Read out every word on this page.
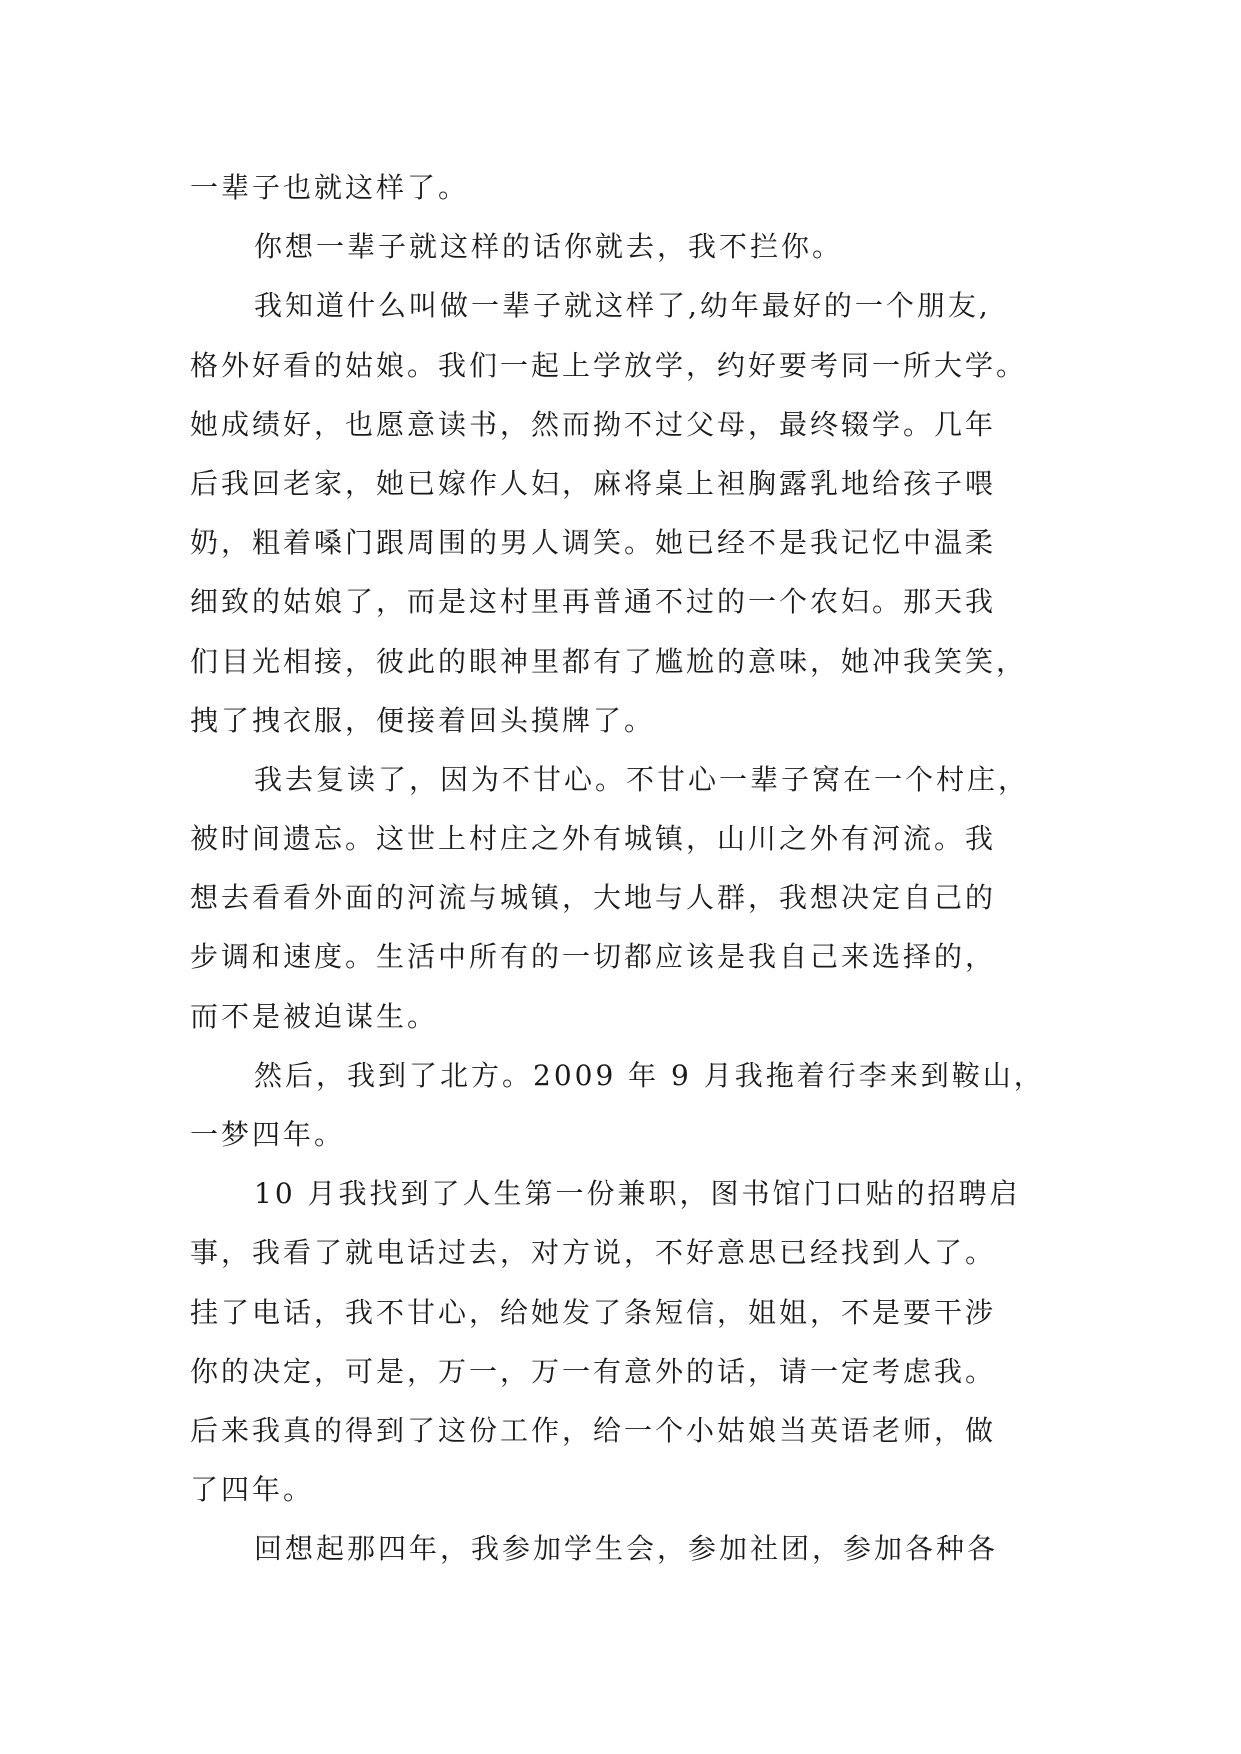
一辈子也就这样了。
你想一辈子就这样的话你就去，我不拦你。
我知道什么叫做一辈子就这样了,幼年最好的一个朋友,
格外好看的姑娘。我们一起上学放学，约好要考同一所大学。
她成绩好，也愿意读书，然而拗不过父母，最终辍学。几年
后我回老家，她已嫁作人妇，麻将桌上袒胸露乳地给孩子喂
奶，粗着嗓门跟周围的男人调笑。她已经不是我记忆中温柔
细致的姑娘了，而是这村里再普通不过的一个农妇。那天我
们目光相接，彼此的眼神里都有了尴尬的意味，她冲我笑笑，
拽了拽衣服，便接着回头摸牌了。
我去复读了，因为不甘心。不甘心一辈子窝在一个村庄，
被时间遗忘。这世上村庄之外有城镇，山川之外有河流。我
想去看看外面的河流与城镇，大地与人群，我想决定自己的
步调和速度。生活中所有的一切都应该是我自己来选择的，
而不是被迫谋生。
然后，我到了北方。2009 年 9 月我拖着行李来到鞍山，
一梦四年。
10 月我找到了人生第一份兼职，图书馆门口贴的招聘启
事，我看了就电话过去，对方说，不好意思已经找到人了。
挂了电话，我不甘心，给她发了条短信，姐姐，不是要干涉
你的决定，可是，万一，万一有意外的话，请一定考虑我。
后来我真的得到了这份工作，给一个小姑娘当英语老师，做
了四年。
回想起那四年，我参加学生会，参加社团，参加各种各
